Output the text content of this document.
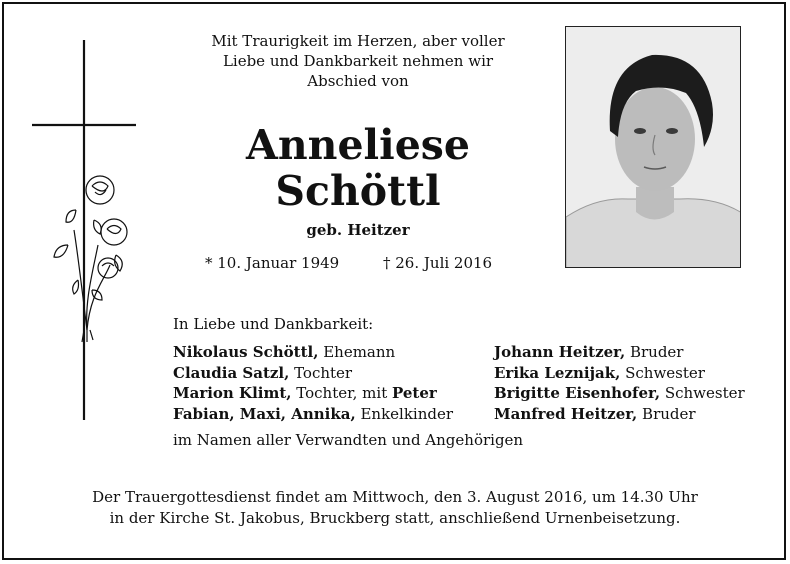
Mit Traurigkeit im Herzen, aber voller
Liebe und Dankbarkeit nehmen wir
Abschied von
Anneliese
Schöttl
geb. Heitzer
* 10. Januar 1949	† 26. Juli 2016
In Liebe und Dankbarkeit:
Nikolaus Schöttl, Ehemann
Claudia Satzl, Tochter
Marion Klimt, Tochter, mit Peter
Fabian, Maxi, Annika, Enkelkinder
Johann Heitzer, Bruder
Erika Leznijak, Schwester
Brigitte Eisenhofer, Schwester
Manfred Heitzer, Bruder
im Namen aller Verwandten und Angehörigen
Der Trauergottesdienst findet am Mittwoch, den 3. August 2016, um 14.30 Uhr
in der Kirche St. Jakobus, Bruckberg statt, anschließend Urnenbeisetzung.
